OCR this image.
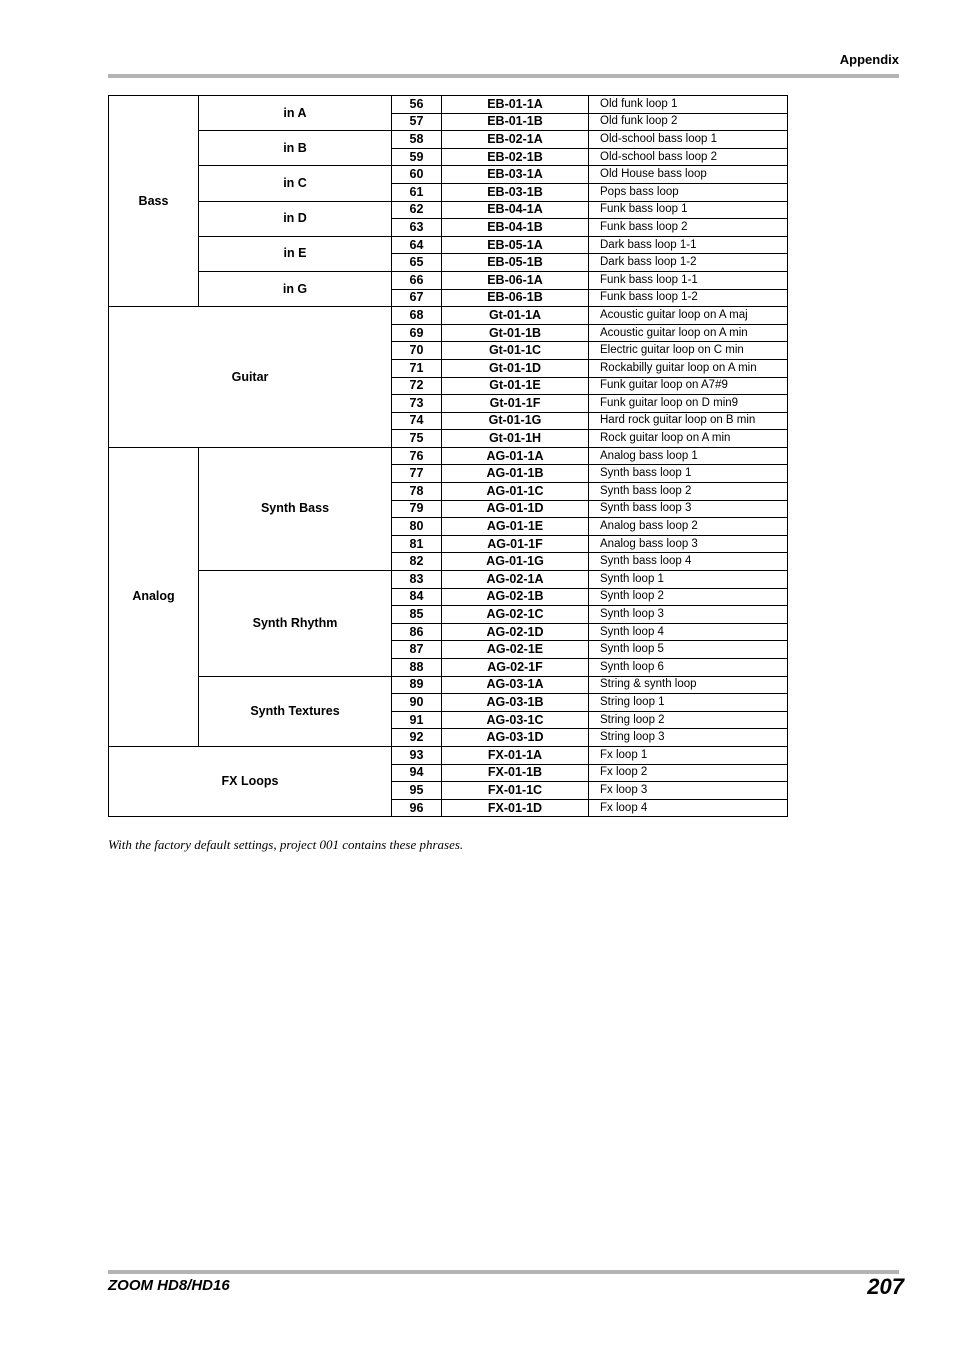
Appendix
Bass	in A	56	EB-01-1A	Old funk loop 1
		57	EB-01-1B	Old funk loop 2
	in B	58	EB-02-1A	Old-school bass loop 1
		59	EB-02-1B	Old-school bass loop 2
	in C	60	EB-03-1A	Old House bass loop
		61	EB-03-1B	Pops bass loop
	in D	62	EB-04-1A	Funk bass loop 1
		63	EB-04-1B	Funk bass loop 2
	in E	64	EB-05-1A	Dark bass loop 1-1
		65	EB-05-1B	Dark bass loop 1-2
	in G	66	EB-06-1A	Funk bass loop 1-1
		67	EB-06-1B	Funk bass loop 1-2
Guitar		68	Gt-01-1A	Acoustic guitar loop on A maj
		69	Gt-01-1B	Acoustic guitar loop on A min
		70	Gt-01-1C	Electric guitar loop on C min
		71	Gt-01-1D	Rockabilly guitar loop on A min
		72	Gt-01-1E	Funk guitar loop on A7#9
		73	Gt-01-1F	Funk guitar loop on D min9
		74	Gt-01-1G	Hard rock guitar loop on B min
		75	Gt-01-1H	Rock guitar loop on A min
Analog	Synth Bass	76	AG-01-1A	Analog bass loop 1
		77	AG-01-1B	Synth bass loop 1
		78	AG-01-1C	Synth bass loop 2
		79	AG-01-1D	Synth bass loop 3
		80	AG-01-1E	Analog bass loop 2
		81	AG-01-1F	Analog bass loop 3
		82	AG-01-1G	Synth bass loop 4
	Synth Rhythm	83	AG-02-1A	Synth loop 1
		84	AG-02-1B	Synth loop 2
		85	AG-02-1C	Synth loop 3
		86	AG-02-1D	Synth loop 4
		87	AG-02-1E	Synth loop 5
		88	AG-02-1F	Synth loop 6
	Synth Textures	89	AG-03-1A	String & synth loop
		90	AG-03-1B	String loop 1
		91	AG-03-1C	String loop 2
		92	AG-03-1D	String loop 3
FX Loops		93	FX-01-1A	Fx loop 1
		94	FX-01-1B	Fx loop 2
		95	FX-01-1C	Fx loop 3
		96	FX-01-1D	Fx loop 4
With the factory default settings, project 001 contains these phrases.
ZOOM HD8/HD16	207
